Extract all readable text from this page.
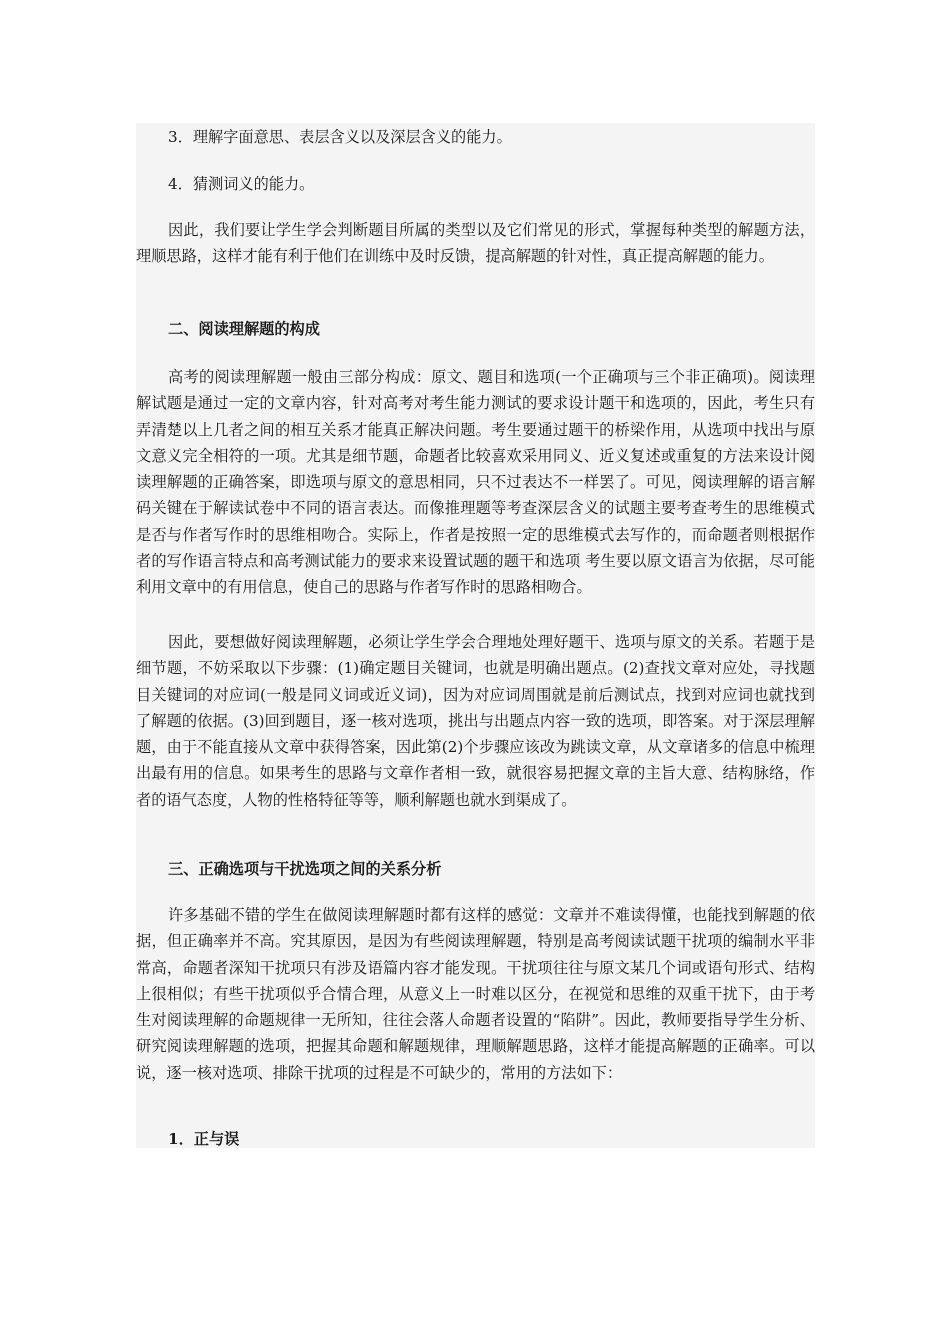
3．理解字面意思、表层含义以及深层含义的能力。

4．猜测词义的能力。

因此，我们要让学生学会判断题目所属的类型以及它们常见的形式，掌握每种类型的解题方法，理顺思路，这样才能有利于他们在训练中及时反馈，提高解题的针对性，真正提高解题的能力。

二、阅读理解题的构成

高考的阅读理解题一般由三部分构成：原文、题目和选项(一个正确项与三个非正确项)。阅读理解试题是通过一定的文章内容，针对高考对考生能力测试的要求设计题干和选项的，因此，考生只有弄清楚以上几者之间的相互关系才能真正解决问题。考生要通过题干的桥梁作用，从选项中找出与原文意义完全相符的一项。尤其是细节题，命题者比较喜欢采用同义、近义复述或重复的方法来设计阅读理解题的正确答案，即选项与原文的意思相同，只不过表达不一样罢了。可见，阅读理解的语言解码关键在于解读试卷中不同的语言表达。而像推理题等考查深层含义的试题主要考查考生的思维模式是否与作者写作时的思维相吻合。实际上，作者是按照一定的思维模式去写作的，而命题者则根据作者的写作语言特点和高考测试能力的要求来设置试题的题干和选项 考生要以原文语言为依据，尽可能利用文章中的有用信息，使自己的思路与作者写作时的思路相吻合。

因此，要想做好阅读理解题，必须让学生学会合理地处理好题干、选项与原文的关系。若题于是细节题，不妨采取以下步骤：(1)确定题目关键词，也就是明确出题点。(2)查找文章对应处，寻找题目关键词的对应词(一般是同义词或近义词)，因为对应词周围就是前后测试点，找到对应词也就找到了解题的依据。(3)回到题目，逐一核对选项，挑出与出题点内容一致的选项，即答案。对于深层理解题，由于不能直接从文章中获得答案，因此第(2)个步骤应该改为跳读文章，从文章诸多的信息中梳理出最有用的信息。如果考生的思路与文章作者相一致，就很容易把握文章的主旨大意、结构脉络，作者的语气态度，人物的性格特征等等，顺利解题也就水到渠成了。

三、正确选项与干扰选项之间的关系分析

许多基础不错的学生在做阅读理解题时都有这样的感觉：文章并不难读得懂，也能找到解题的依据，但正确率并不高。究其原因，是因为有些阅读理解题，特别是高考阅读试题干扰项的编制水平非常高，命题者深知干扰项只有涉及语篇内容才能发现。干扰项往往与原文某几个词或语句形式、结构上很相似；有些干扰项似乎合情合理，从意义上一时难以区分，在视觉和思维的双重干扰下，由于考生对阅读理解的命题规律一无所知，往往会落人命题者设置的“陷阱”。因此，教师要指导学生分析、研究阅读理解题的选项，把握其命题和解题规律，理顺解题思路，这样才能提高解题的正确率。可以说，逐一核对选项、排除干扰项的过程是不可缺少的，常用的方法如下：

1．正与误
